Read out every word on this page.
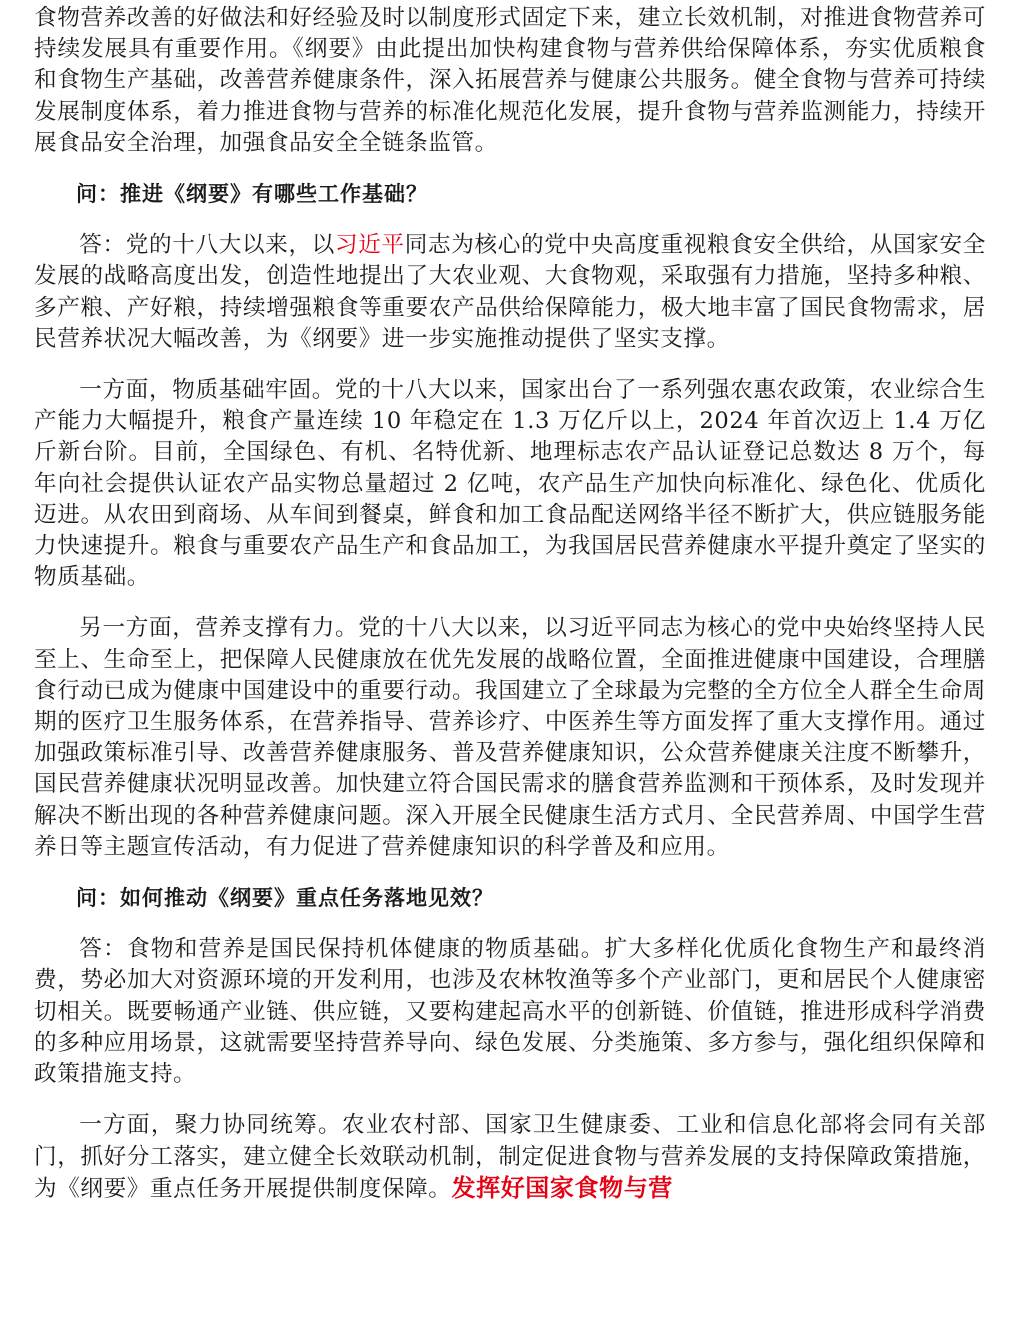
食物营养改善的好做法和好经验及时以制度形式固定下来，建立长效机制，对推进食物营养可持续发展具有重要作用。《纲要》由此提出加快构建食物与营养供给保障体系，夯实优质粮食和食物生产基础，改善营养健康条件，深入拓展营养与健康公共服务。健全食物与营养可持续发展制度体系，着力推进食物与营养的标准化规范化发展，提升食物与营养监测能力，持续开展食品安全治理，加强食品安全全链条监管。

问：推进《纲要》有哪些工作基础？

答：党的十八大以来，以习近平同志为核心的党中央高度重视粮食安全供给，从国家安全发展的战略高度出发，创造性地提出了大农业观、大食物观，采取强有力措施，坚持多种粮、多产粮、产好粮，持续增强粮食等重要农产品供给保障能力，极大地丰富了国民食物需求，居民营养状况大幅改善，为《纲要》进一步实施推动提供了坚实支撑。

一方面，物质基础牢固。党的十八大以来，国家出台了一系列强农惠农政策，农业综合生产能力大幅提升，粮食产量连续 10 年稳定在 1.3 万亿斤以上，2024 年首次迈上 1.4 万亿斤新台阶。目前，全国绿色、有机、名特优新、地理标志农产品认证登记总数达 8 万个，每年向社会提供认证农产品实物总量超过 2 亿吨，农产品生产加快向标准化、绿色化、优质化迈进。从农田到商场、从车间到餐桌，鲜食和加工食品配送网络半径不断扩大，供应链服务能力快速提升。粮食与重要农产品生产和食品加工，为我国居民营养健康水平提升奠定了坚实的物质基础。

另一方面，营养支撑有力。党的十八大以来，以习近平同志为核心的党中央始终坚持人民至上、生命至上，把保障人民健康放在优先发展的战略位置，全面推进健康中国建设，合理膳食行动已成为健康中国建设中的重要行动。我国建立了全球最为完整的全方位全人群全生命周期的医疗卫生服务体系，在营养指导、营养诊疗、中医养生等方面发挥了重大支撑作用。通过加强政策标准引导、改善营养健康服务、普及营养健康知识，公众营养健康关注度不断攀升，国民营养健康状况明显改善。加快建立符合国民需求的膳食营养监测和干预体系，及时发现并解决不断出现的各种营养健康问题。深入开展全民健康生活方式月、全民营养周、中国学生营养日等主题宣传活动，有力促进了营养健康知识的科学普及和应用。

问：如何推动《纲要》重点任务落地见效？

答：食物和营养是国民保持机体健康的物质基础。扩大多样化优质化食物生产和最终消费，势必加大对资源环境的开发利用，也涉及农林牧渔等多个产业部门，更和居民个人健康密切相关。既要畅通产业链、供应链，又要构建起高水平的创新链、价值链，推进形成科学消费的多种应用场景，这就需要坚持营养导向、绿色发展、分类施策、多方参与，强化组织保障和政策措施支持。

一方面，聚力协同统筹。农业农村部、国家卫生健康委、工业和信息化部将会同有关部门，抓好分工落实，建立健全长效联动机制，制定促进食物与营养发展的支持保障政策措施，为《纲要》重点任务开展提供制度保障。发挥好国家食物与营
